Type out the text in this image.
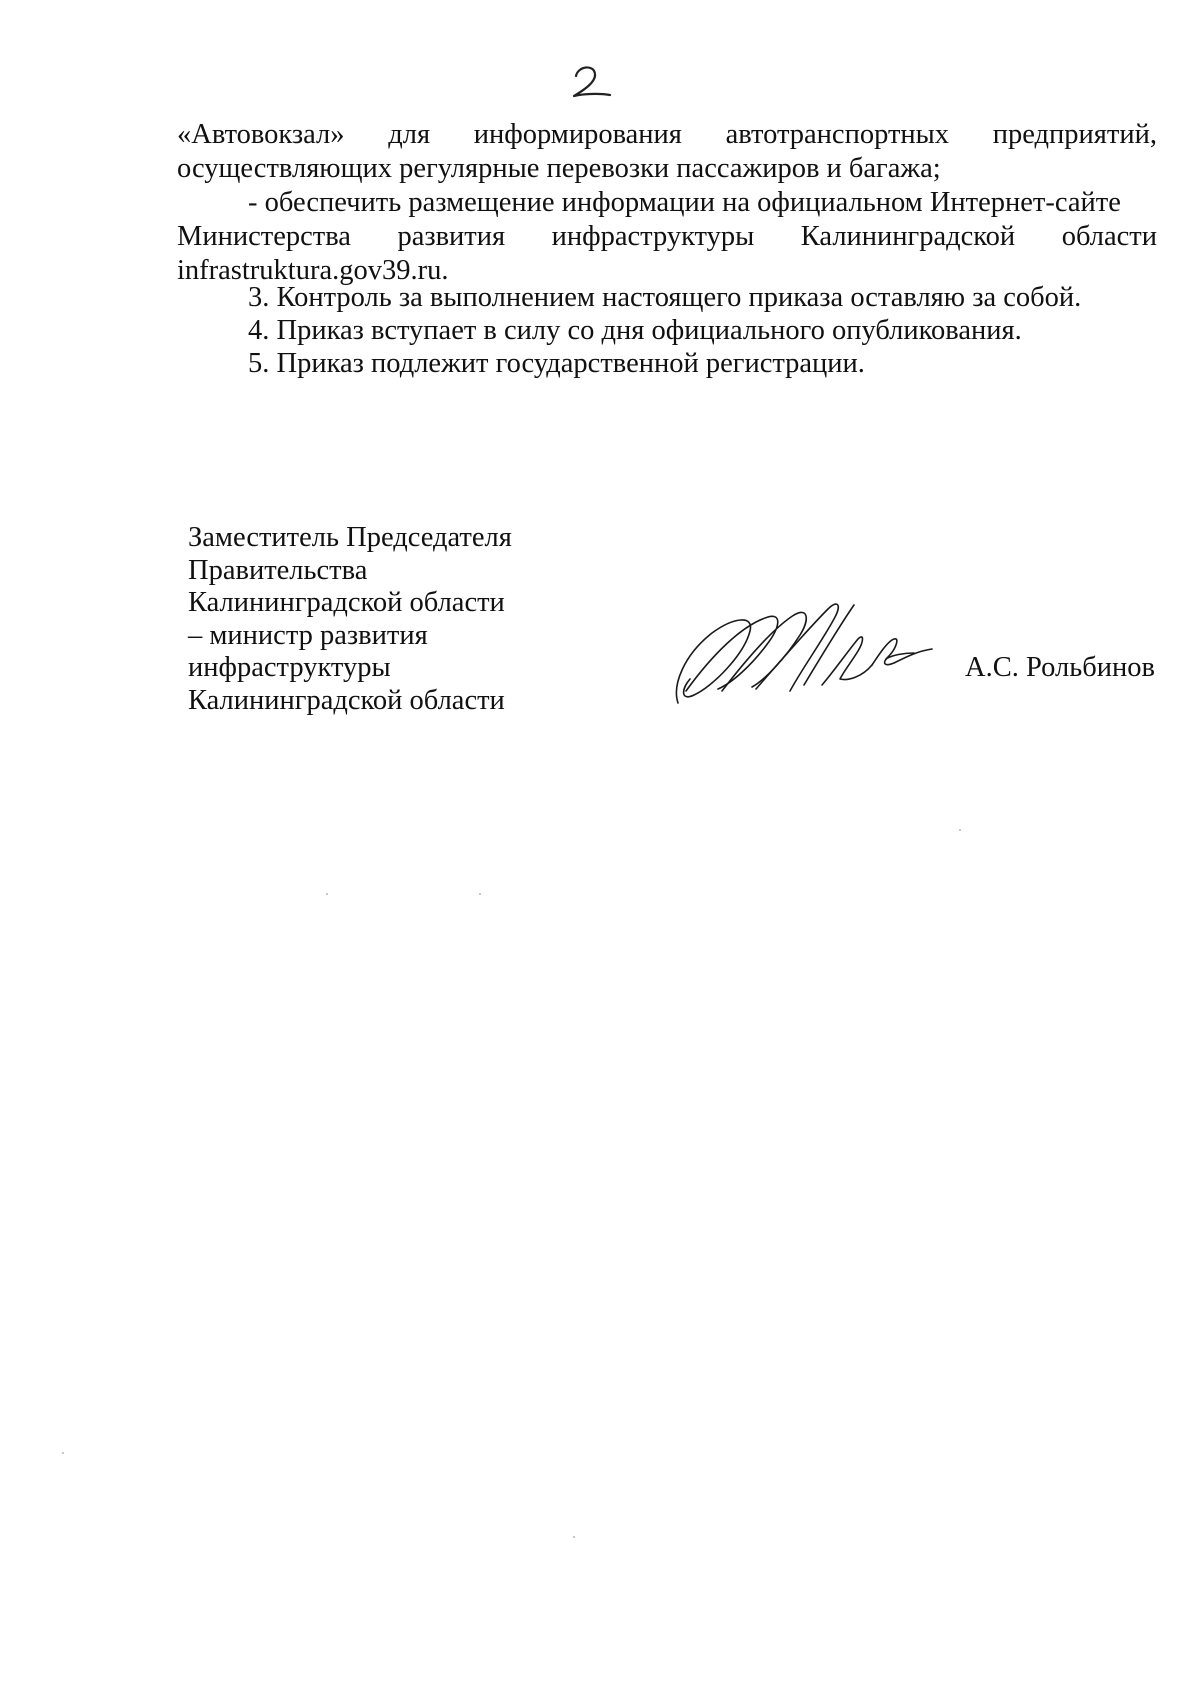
«Автовокзал» для информирования автотранспортных предприятий,
осуществляющих регулярные перевозки пассажиров и багажа;
- обеспечить размещение информации на официальном Интернет-сайте
Министерства развития инфраструктуры Калининградской области
infrastruktura.gov39.ru.
3. Контроль за выполнением настоящего приказа оставляю за собой.
4. Приказ вступает в силу со дня официального опубликования.
5. Приказ подлежит государственной регистрации.
Заместитель Председателя
Правительства
Калининградской области
– министр развития
инфраструктуры
Калининградской области
А.С. Рольбинов
